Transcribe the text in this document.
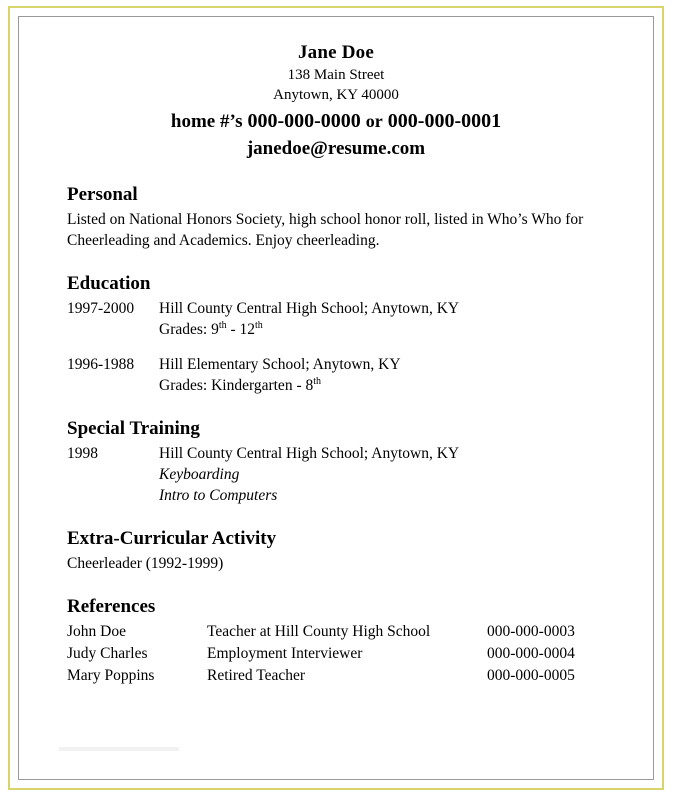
Jane Doe
138 Main Street
Anytown, KY 40000
home #’s 000-000-0000 or 000-000-0001
janedoe@resume.com
Personal
Listed on National Honors Society, high school honor roll, listed in Who’s Who for Cheerleading and Academics. Enjoy cheerleading.
Education
1997-2000	Hill County Central High School; Anytown, KY
Grades: 9th - 12th
1996-1988	Hill Elementary School; Anytown, KY
Grades: Kindergarten - 8th
Special Training
1998	Hill County Central High School; Anytown, KY
Keyboarding
Intro to Computers
Extra-Curricular Activity
Cheerleader (1992-1999)
References
John Doe	Teacher at Hill County High School	000-000-0003
Judy Charles	Employment Interviewer	000-000-0004
Mary Poppins	Retired Teacher	000-000-0005
